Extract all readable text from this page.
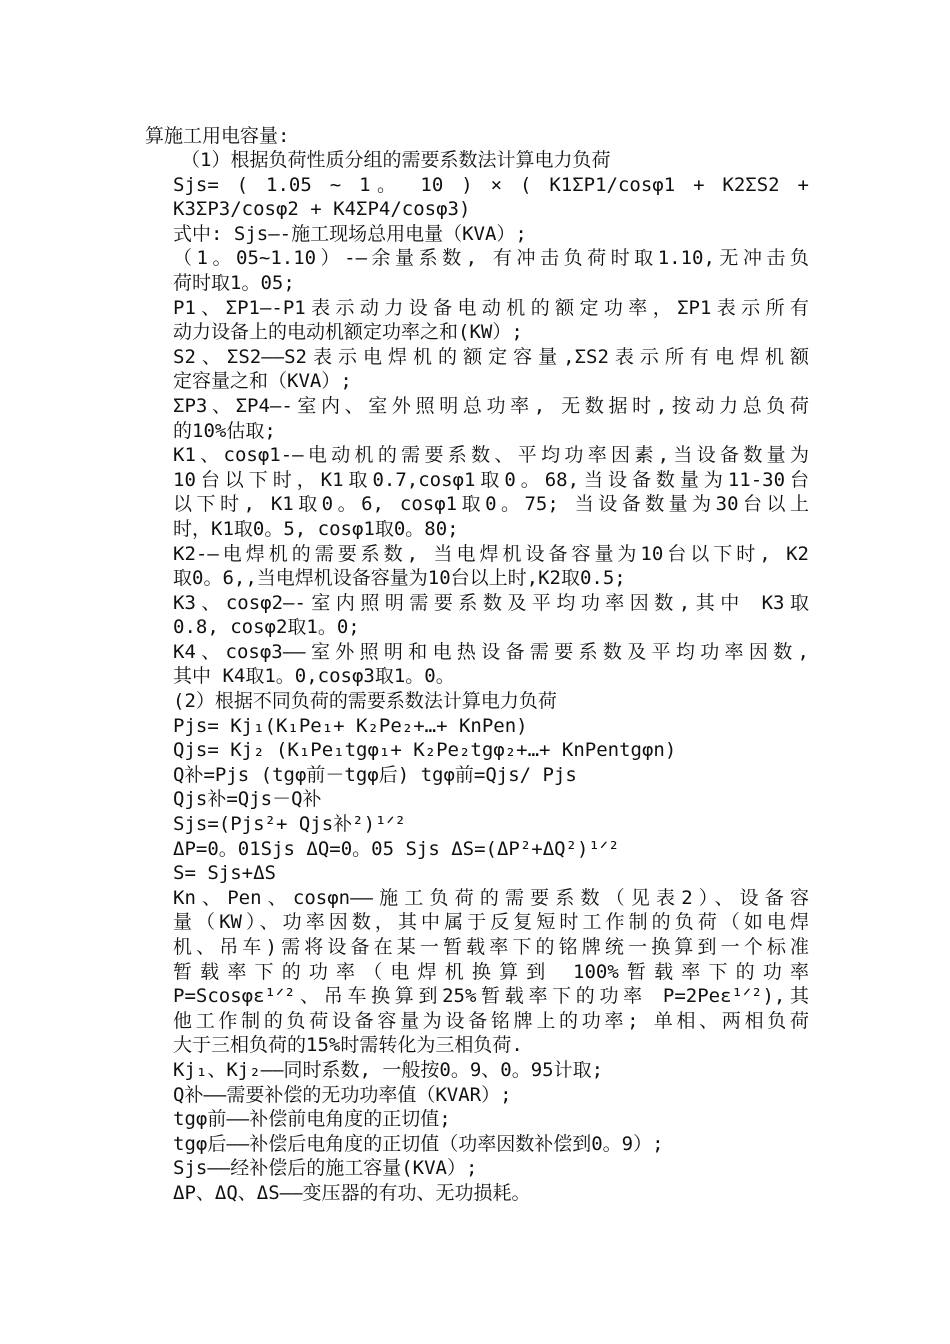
算施工用电容量:
（1）根据负荷性质分组的需要系数法计算电力负荷
Sjs= ( 1.05 ~ 1。 10 ) × ( K1ΣP1/cosφ1 + K2ΣS2 +
K3ΣP3/cosφ2 + K4ΣP4/cosφ3)
式中: Sjs—-施工现场总用电量（KVA）;
（1。05~1.10）-—余量系数, 有冲击负荷时取1.10,无冲击负
荷时取1。05;
P1、ΣP1—-P1表示动力设备电动机的额定功率，ΣP1表示所有
动力设备上的电动机额定功率之和(KW）;
S2、ΣS2——S2表示电焊机的额定容量,ΣS2表示所有电焊机额
定容量之和（KVA）;
ΣP3、ΣP4—-室内、室外照明总功率, 无数据时,按动力总负荷
的10%估取;
K1、cosφ1-—电动机的需要系数、平均功率因素,当设备数量为
10台以下时，K1取0.7,cosφ1取0。68,当设备数量为11-30台
以下时, K1取0。6, cosφ1取0。75; 当设备数量为30台以上
时，K1取0。5, cosφ1取0。80;
K2-—电焊机的需要系数, 当电焊机设备容量为10台以下时, K2
取0。6,,当电焊机设备容量为10台以上时,K2取0.5;
K3、cosφ2—-室内照明需要系数及平均功率因数,其中 K3取
0.8, cosφ2取1。0;
K4、cosφ3——室外照明和电热设备需要系数及平均功率因数,
其中 K4取1。0,cosφ3取1。0。
(2）根据不同负荷的需要系数法计算电力负荷
Pjs= Kj₁(K₁Pe₁+ K₂Pe₂+…+ KnPen)
Qjs= Kj₂ (K₁Pe₁tgφ₁+ K₂Pe₂tgφ₂+…+ KnPentgφn)
Q补=Pjs (tgφ前－tgφ后) tgφ前=Qjs/ Pjs
Qjs补=Qjs－Q补
Sjs=(Pjs²+ Qjs补²)¹ᐟ²
ΔP=0。01Sjs ΔQ=0。05 Sjs ΔS=(ΔP²+ΔQ²)¹ᐟ²
S= Sjs+ΔS
Kn、Pen、cosφn——施工负荷的需要系数（见表2）、设备容
量（KW）、功率因数，其中属于反复短时工作制的负荷（如电焊
机、吊车)需将设备在某一暂载率下的铭牌统一换算到一个标准
暂载率下的功率（电焊机换算到 100%暂载率下的功率
P=Scosφε¹ᐟ²、吊车换算到25%暂载率下的功率 P=2Peε¹ᐟ²),其
他工作制的负荷设备容量为设备铭牌上的功率; 单相、两相负荷
大于三相负荷的15%时需转化为三相负荷.
Kj₁、Kj₂——同时系数, 一般按0。9、0。95计取;
Q补——需要补偿的无功功率值（KVAR）;
tgφ前——补偿前电角度的正切值;
tgφ后——补偿后电角度的正切值（功率因数补偿到0。9）;
Sjs——经补偿后的施工容量(KVA）;
ΔP、ΔQ、ΔS——变压器的有功、无功损耗。
